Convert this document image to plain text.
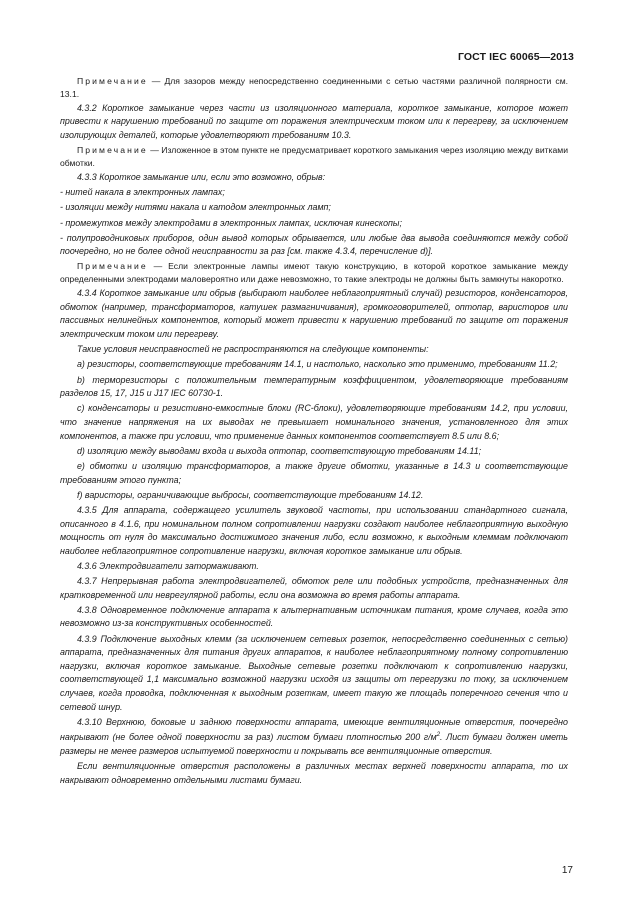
ГОСТ IEC 60065—2013

Примечание — Для зазоров между непосредственно соединенными с сетью частями различной полярности см. 13.1.

4.3.2 Короткое замыкание через части из изоляционного материала, короткое замыкание, которое может привести к нарушению требований по защите от поражения электрическим током или к перегреву, за исключением изолирующих деталей, которые удовлетворяют требованиям 10.3.

Примечание — Изложенное в этом пункте не предусматривает короткого замыкания через изоляцию между витками обмотки.

4.3.3 Короткое замыкание или, если это возможно, обрыв:

- нитей накала в электронных лампах;

- изоляции между нитями накала и катодом электронных ламп;

- промежутков между электродами в электронных лампах, исключая кинескопы;

- полупроводниковых приборов, один вывод которых обрывается, или любые два вывода соединяются между собой поочередно, но не более одной неисправности за раз [см. также 4.3.4, перечисление d)].

Примечание — Если электронные лампы имеют такую конструкцию, в которой короткое замыкание между определенными электродами маловероятно или даже невозможно, то такие электроды не должны быть замкнуты накоротко.

4.3.4 Короткое замыкание или обрыв (выбирают наиболее неблагоприятный случай) резисторов, конденсаторов, обмоток (например, трансформаторов, катушек размагничивания), громкоговорителей, оптопар, варисторов или пассивных нелинейных компонентов, который может привести к нарушению требований по защите от поражения электрическим током или перегреву.

Такие условия неисправностей не распространяются на следующие компоненты:

a) резисторы, соответствующие требованиям 14.1, и настолько, насколько это применимо, требованиям 11.2;

b) терморезисторы с положительным температурным коэффициентом, удовлетворяющие требованиям разделов 15, 17, J15 и J17 IEC 60730-1.

c) конденсаторы и резистивно-емкостные блоки (RC-блоки), удовлетворяющие требованиям 14.2, при условии, что значение напряжения на их выводах не превышает номинального значения, установленного для этих компонентов, а также при условии, что применение данных компонентов соответствует 8.5 или 8.6;

d) изоляцию между выводами входа и выхода оптопар, соответствующую требованиям 14.11;

e) обмотки и изоляцию трансформаторов, а также другие обмотки, указанные в 14.3 и соответствующие требованиям этого пункта;

f) варисторы, ограничивающие выбросы, соответствующие требованиям 14.12.

4.3.5 Для аппарата, содержащего усилитель звуковой частоты, при использовании стандартного сигнала, описанного в 4.1.6, при номинальном полном сопротивлении нагрузки создают наиболее неблагоприятную выходную мощность от нуля до максимально достижимого значения либо, если возможно, к выходным клеммам подключают наиболее неблагоприятное сопротивление нагрузки, включая короткое замыкание или обрыв.

4.3.6 Электродвигатели затормаживают.

4.3.7 Непрерывная работа электродвигателей, обмоток реле или подобных устройств, предназначенных для кратковременной или неврегулярной работы, если она возможна во время работы аппарата.

4.3.8 Одновременное подключение аппарата к альтернативным источникам питания, кроме случаев, когда это невозможно из-за конструктивных особенностей.

4.3.9 Подключение выходных клемм (за исключением сетевых розеток, непосредственно соединенных с сетью) аппарата, предназначенных для питания других аппаратов, к наиболее неблагоприятному полному сопротивлению нагрузки, включая короткое замыкание. Выходные сетевые розетки подключают к сопротивлению нагрузки, соответствующей 1,1 максимально возможной нагрузки исходя из защиты от перегрузки по току, за исключением случаев, когда проводка, подключенная к выходным розеткам, имеет такую же площадь поперечного сечения что и сетевой шнур.

4.3.10 Верхнюю, боковые и заднюю поверхности аппарата, имеющие вентиляционные отверстия, поочередно накрывают (не более одной поверхности за раз) листом бумаги плотностью 200 $г/м^2$. Лист бумаги должен иметь размеры не менее размеров испытуемой поверхности и покрывать все вентиляционные отверстия.

Если вентиляционные отверстия расположены в различных местах верхней поверхности аппарата, то их накрывают одновременно отдельными листами бумаги.

17
